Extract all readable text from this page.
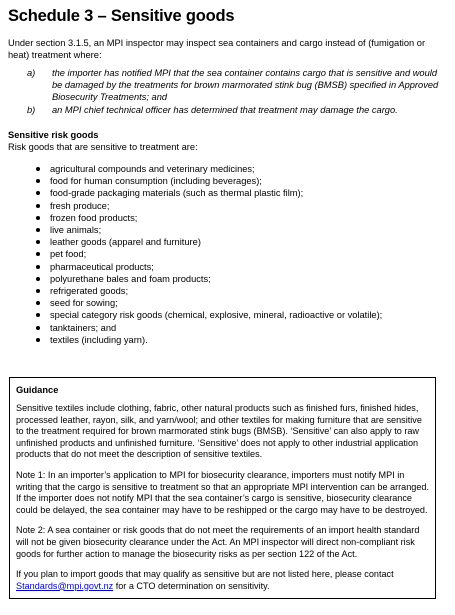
Schedule 3 – Sensitive goods

Under section 3.1.5, an MPI inspector may inspect sea containers and cargo instead of (fumigation or heat) treatment where:

a)	the importer has notified MPI that the sea container contains cargo that is sensitive and would be damaged by the treatments for brown marmorated stink bug (BMSB) specified in Approved Biosecurity Treatments; and
b)	an MPI chief technical officer has determined that treatment may damage the cargo.
Sensitive risk goods

Risk goods that are sensitive to treatment are:

agricultural compounds and veterinary medicines;
food for human consumption (including beverages);
food-grade packaging materials (such as thermal plastic film);
fresh produce;
frozen food products;
live animals;
leather goods (apparel and furniture)
pet food;
pharmaceutical products;
polyurethane bales and foam products;
refrigerated goods;
seed for sowing;
special category risk goods (chemical, explosive, mineral, radioactive or volatile);
tanktainers; and
textiles (including yarn).

Guidance

Sensitive textiles include clothing, fabric, other natural products such as finished furs, finished hides, processed leather, rayon, silk, and yarn/wool; and other textiles for making furniture that are sensitive to the treatment required for brown marmorated stink bugs (BMSB). ‘Sensitive’ can also apply to raw unfinished products and unfinished furniture. ‘Sensitive’ does not apply to other industrial application products that do not meet the description of sensitive textiles.

Note 1: In an importer’s application to MPI for biosecurity clearance, importers must notify MPI in writing that the cargo is sensitive to treatment so that an appropriate MPI intervention can be arranged. If the importer does not notify MPI that the sea container’s cargo is sensitive, biosecurity clearance could be delayed, the sea container may have to be reshipped or the cargo may have to be destroyed.

Note 2: A sea container or risk goods that do not meet the requirements of an import health standard will not be given biosecurity clearance under the Act. An MPI inspector will direct non-compliant risk goods for further action to manage the biosecurity risks as per section 122 of the Act.

If you plan to import goods that may qualify as sensitive but are not listed here, please contact
Standards@mpi.govt.nz for a CTO determination on sensitivity.
